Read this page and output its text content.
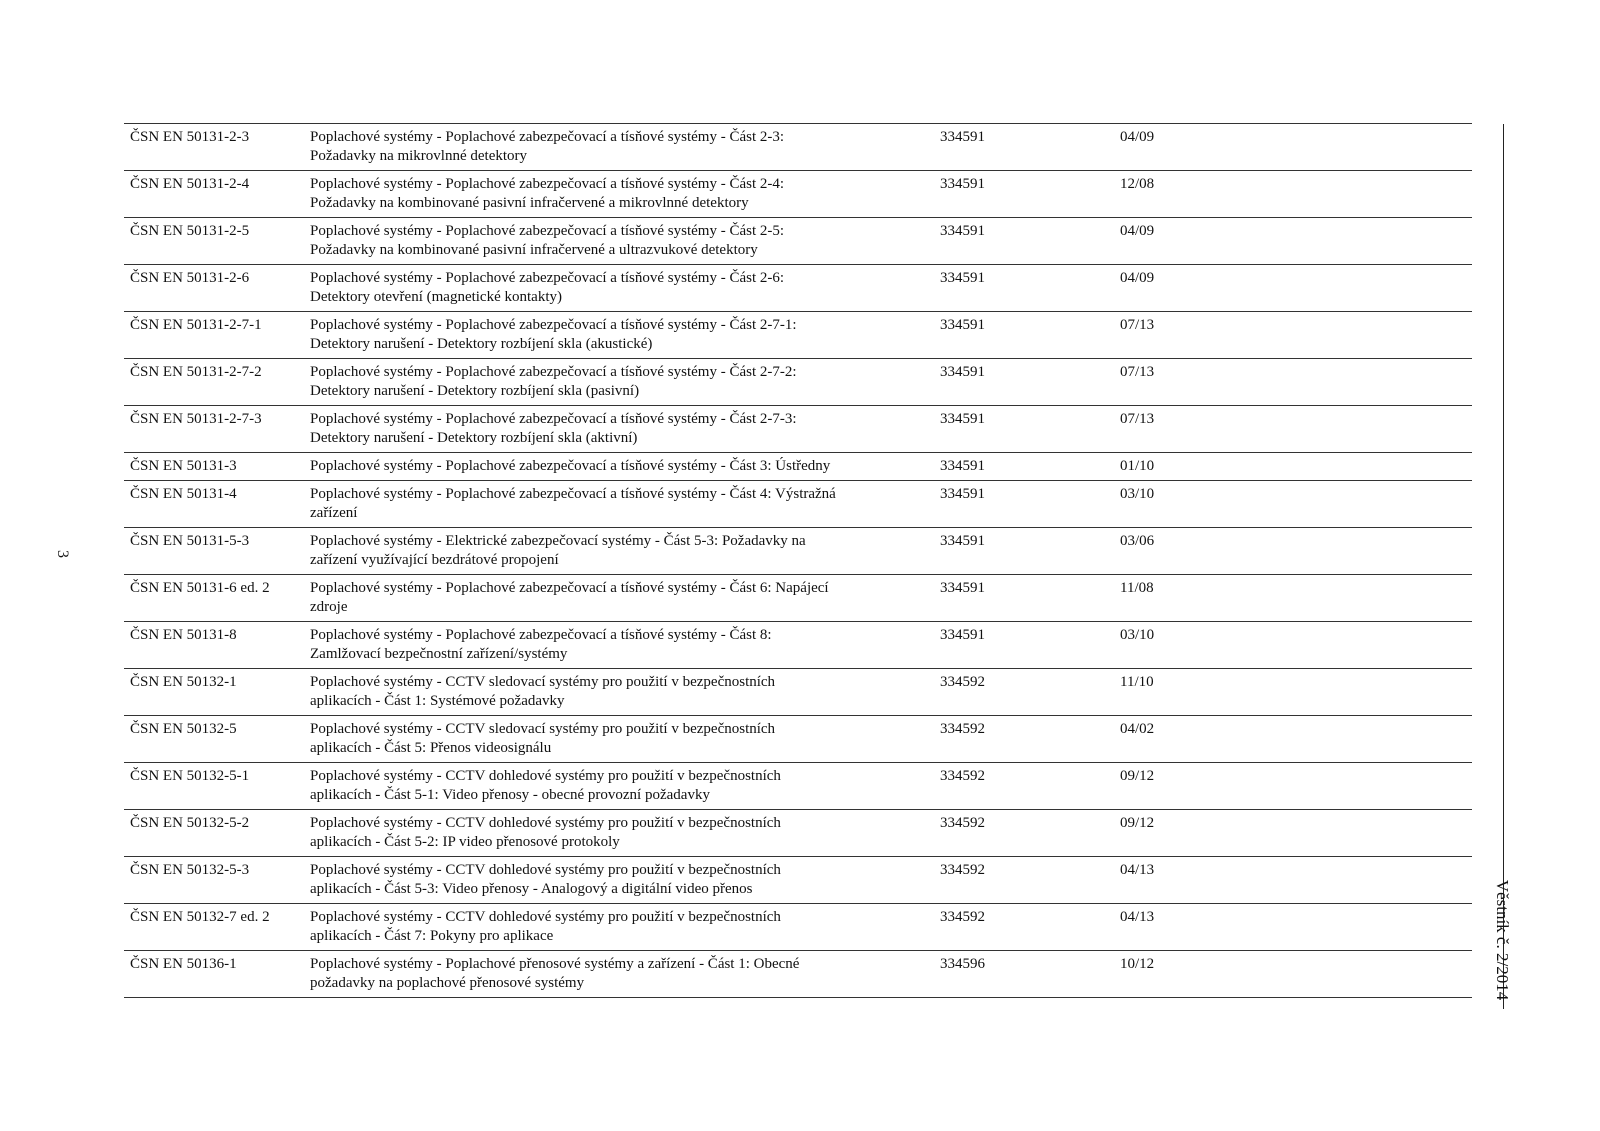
3
Věstník č. 2/2014
ČSN EN 50131-2-3	Poplachové systémy - Poplachové zabezpečovací a tísňové systémy - Část 2-3:
Požadavky na mikrovlnné detektory	334591	04/09
ČSN EN 50131-2-4	Poplachové systémy - Poplachové zabezpečovací a tísňové systémy - Část 2-4:
Požadavky na kombinované pasivní infračervené a mikrovlnné detektory	334591	12/08
ČSN EN 50131-2-5	Poplachové systémy - Poplachové zabezpečovací a tísňové systémy - Část 2-5:
Požadavky na kombinované pasivní infračervené a ultrazvukové detektory	334591	04/09
ČSN EN 50131-2-6	Poplachové systémy - Poplachové zabezpečovací a tísňové systémy - Část 2-6:
Detektory otevření (magnetické kontakty)	334591	04/09
ČSN EN 50131-2-7-1	Poplachové systémy - Poplachové zabezpečovací a tísňové systémy - Část 2-7-1:
Detektory narušení - Detektory rozbíjení skla (akustické)	334591	07/13
ČSN EN 50131-2-7-2	Poplachové systémy - Poplachové zabezpečovací a tísňové systémy - Část 2-7-2:
Detektory narušení - Detektory rozbíjení skla (pasivní)	334591	07/13
ČSN EN 50131-2-7-3	Poplachové systémy - Poplachové zabezpečovací a tísňové systémy - Část 2-7-3:
Detektory narušení - Detektory rozbíjení skla (aktivní)	334591	07/13
ČSN EN 50131-3	Poplachové systémy - Poplachové zabezpečovací a tísňové systémy - Část 3: Ústředny	334591	01/10
ČSN EN 50131-4	Poplachové systémy - Poplachové zabezpečovací a tísňové systémy - Část 4: Výstražná
zařízení	334591	03/10
ČSN EN 50131-5-3	Poplachové systémy - Elektrické zabezpečovací systémy - Část 5-3: Požadavky na
zařízení využívající bezdrátové propojení	334591	03/06
ČSN EN 50131-6 ed. 2	Poplachové systémy - Poplachové zabezpečovací a tísňové systémy - Část 6: Napájecí
zdroje	334591	11/08
ČSN EN 50131-8	Poplachové systémy - Poplachové zabezpečovací a tísňové systémy - Část 8:
Zamlžovací bezpečnostní zařízení/systémy	334591	03/10
ČSN EN 50132-1	Poplachové systémy - CCTV sledovací systémy pro použití v bezpečnostních
aplikacích - Část 1: Systémové požadavky	334592	11/10
ČSN EN 50132-5	Poplachové systémy - CCTV sledovací systémy pro použití v bezpečnostních
aplikacích - Část 5: Přenos videosignálu	334592	04/02
ČSN EN 50132-5-1	Poplachové systémy - CCTV dohledové systémy pro použití v bezpečnostních
aplikacích - Část 5-1: Video přenosy - obecné provozní požadavky	334592	09/12
ČSN EN 50132-5-2	Poplachové systémy - CCTV dohledové systémy pro použití v bezpečnostních
aplikacích - Část 5-2: IP video přenosové protokoly	334592	09/12
ČSN EN 50132-5-3	Poplachové systémy - CCTV dohledové systémy pro použití v bezpečnostních
aplikacích - Část 5-3: Video přenosy - Analogový a digitální video přenos	334592	04/13
ČSN EN 50132-7 ed. 2	Poplachové systémy - CCTV dohledové systémy pro použití v bezpečnostních
aplikacích - Část 7: Pokyny pro aplikace	334592	04/13
ČSN EN 50136-1	Poplachové systémy - Poplachové přenosové systémy a zařízení - Část 1: Obecné
požadavky na poplachové přenosové systémy	334596	10/12
